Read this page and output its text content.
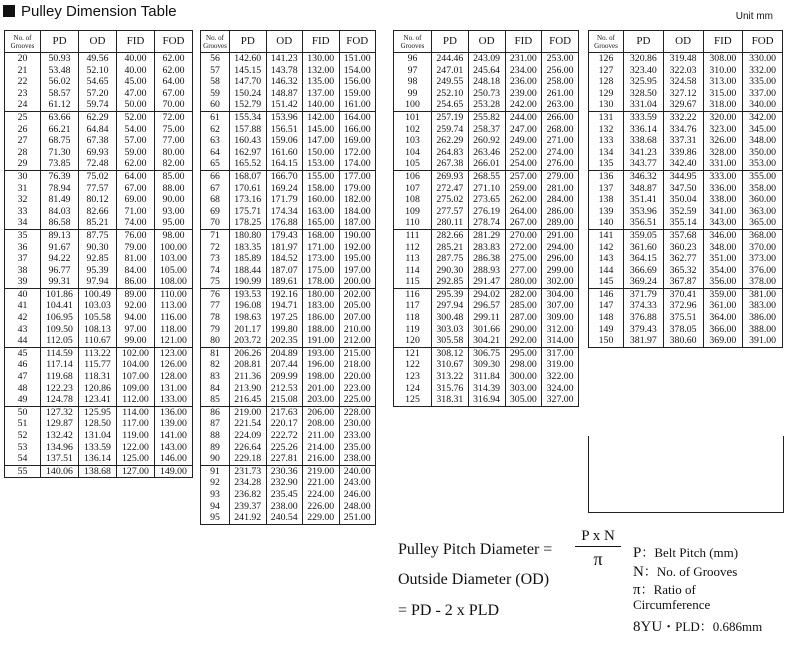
Pulley Dimension Table	Unit mm
No. of Grooves	PD	OD	FID	FOD
20	50.93	49.56	40.00	62.00
21	53.48	52.10	40.00	62.00
22	56.02	54.65	45.00	64.00
23	58.57	57.20	47.00	67.00
24	61.12	59.74	50.00	70.00
25	63.66	62.29	52.00	72.00
26	66.21	64.84	54.00	75.00
27	68.75	67.38	57.00	77.00
28	71.30	69.93	59.00	80.00
29	73.85	72.48	62.00	82.00
30	76.39	75.02	64.00	85.00
31	78.94	77.57	67.00	88.00
32	81.49	80.12	69.00	90.00
33	84.03	82.66	71.00	93.00
34	86.58	85.21	74.00	95.00
35	89.13	87.75	76.00	98.00
36	91.67	90.30	79.00	100.00
37	94.22	92.85	81.00	103.00
38	96.77	95.39	84.00	105.00
39	99.31	97.94	86.00	108.00
40	101.86	100.49	89.00	110.00
41	104.41	103.03	92.00	113.00
42	106.95	105.58	94.00	116.00
43	109.50	108.13	97.00	118.00
44	112.05	110.67	99.00	121.00
45	114.59	113.22	102.00	123.00
46	117.14	115.77	104.00	126.00
47	119.68	118.31	107.00	128.00
48	122.23	120.86	109.00	131.00
49	124.78	123.41	112.00	133.00
50	127.32	125.95	114.00	136.00
51	129.87	128.50	117.00	139.00
52	132.42	131.04	119.00	141.00
53	134.96	133.59	122.00	143.00
54	137.51	136.14	125.00	146.00
55	140.06	138.68	127.00	149.00
No. of Grooves	PD	OD	FID	FOD
56	142.60	141.23	130.00	151.00
57	145.15	143.78	132.00	154.00
58	147.70	146.32	135.00	156.00
59	150.24	148.87	137.00	159.00
60	152.79	151.42	140.00	161.00
61	155.34	153.96	142.00	164.00
62	157.88	156.51	145.00	166.00
63	160.43	159.06	147.00	169.00
64	162.97	161.60	150.00	172.00
65	165.52	164.15	153.00	174.00
66	168.07	166.70	155.00	177.00
67	170.61	169.24	158.00	179.00
68	173.16	171.79	160.00	182.00
69	175.71	174.34	163.00	184.00
70	178.25	176.88	165.00	187.00
71	180.80	179.43	168.00	190.00
72	183.35	181.97	171.00	192.00
73	185.89	184.52	173.00	195.00
74	188.44	187.07	175.00	197.00
75	190.99	189.61	178.00	200.00
76	193.53	192.16	180.00	202.00
77	196.08	194.71	183.00	205.00
78	198.63	197.25	186.00	207.00
79	201.17	199.80	188.00	210.00
80	203.72	202.35	191.00	212.00
81	206.26	204.89	193.00	215.00
82	208.81	207.44	196.00	218.00
83	211.36	209.99	198.00	220.00
84	213.90	212.53	201.00	223.00
85	216.45	215.08	203.00	225.00
86	219.00	217.63	206.00	228.00
87	221.54	220.17	208.00	230.00
88	224.09	222.72	211.00	233.00
89	226.64	225.26	214.00	235.00
90	229.18	227.81	216.00	238.00
91	231.73	230.36	219.00	240.00
92	234.28	232.90	221.00	243.00
93	236.82	235.45	224.00	246.00
94	239.37	238.00	226.00	248.00
95	241.92	240.54	229.00	251.00
No. of Grooves	PD	OD	FID	FOD
96	244.46	243.09	231.00	253.00
97	247.01	245.64	234.00	256.00
98	249.55	248.18	236.00	258.00
99	252.10	250.73	239.00	261.00
100	254.65	253.28	242.00	263.00
101	257.19	255.82	244.00	266.00
102	259.74	258.37	247.00	268.00
103	262.29	260.92	249.00	271.00
104	264.83	263.46	252.00	274.00
105	267.38	266.01	254.00	276.00
106	269.93	268.55	257.00	279.00
107	272.47	271.10	259.00	281.00
108	275.02	273.65	262.00	284.00
109	277.57	276.19	264.00	286.00
110	280.11	278.74	267.00	289.00
111	282.66	281.29	270.00	291.00
112	285.21	283.83	272.00	294.00
113	287.75	286.38	275.00	296.00
114	290.30	288.93	277.00	299.00
115	292.85	291.47	280.00	302.00
116	295.39	294.02	282.00	304.00
117	297.94	296.57	285.00	307.00
118	300.48	299.11	287.00	309.00
119	303.03	301.66	290.00	312.00
120	305.58	304.21	292.00	314.00
121	308.12	306.75	295.00	317.00
122	310.67	309.30	298.00	319.00
123	313.22	311.84	300.00	322.00
124	315.76	314.39	303.00	324.00
125	318.31	316.94	305.00	327.00
No. of Grooves	PD	OD	FID	FOD
126	320.86	319.48	308.00	330.00
127	323.40	322.03	310.00	332.00
128	325.95	324.58	313.00	335.00
129	328.50	327.12	315.00	337.00
130	331.04	329.67	318.00	340.00
131	333.59	332.22	320.00	342.00
132	336.14	334.76	323.00	345.00
133	338.68	337.31	326.00	348.00
134	341.23	339.86	328.00	350.00
135	343.77	342.40	331.00	353.00
136	346.32	344.95	333.00	355.00
137	348.87	347.50	336.00	358.00
138	351.41	350.04	338.00	360.00
139	353.96	352.59	341.00	363.00
140	356.51	355.14	343.00	365.00
141	359.05	357.68	346.00	368.00
142	361.60	360.23	348.00	370.00
143	364.15	362.77	351.00	373.00
144	366.69	365.32	354.00	376.00
145	369.24	367.87	356.00	378.00
146	371.79	370.41	359.00	381.00
147	374.33	372.96	361.00	383.00
148	376.88	375.51	364.00	386.00
149	379.43	378.05	366.00	388.00
150	381.97	380.60	369.00	391.00
Pulley Pitch Diameter =
P x N
π
Outside Diameter (OD)
= PD - 2 x PLD
P：Belt Pitch (mm)
N：No. of Grooves
π：Ratio of
Circumference
8YU・PLD：0.686mm
